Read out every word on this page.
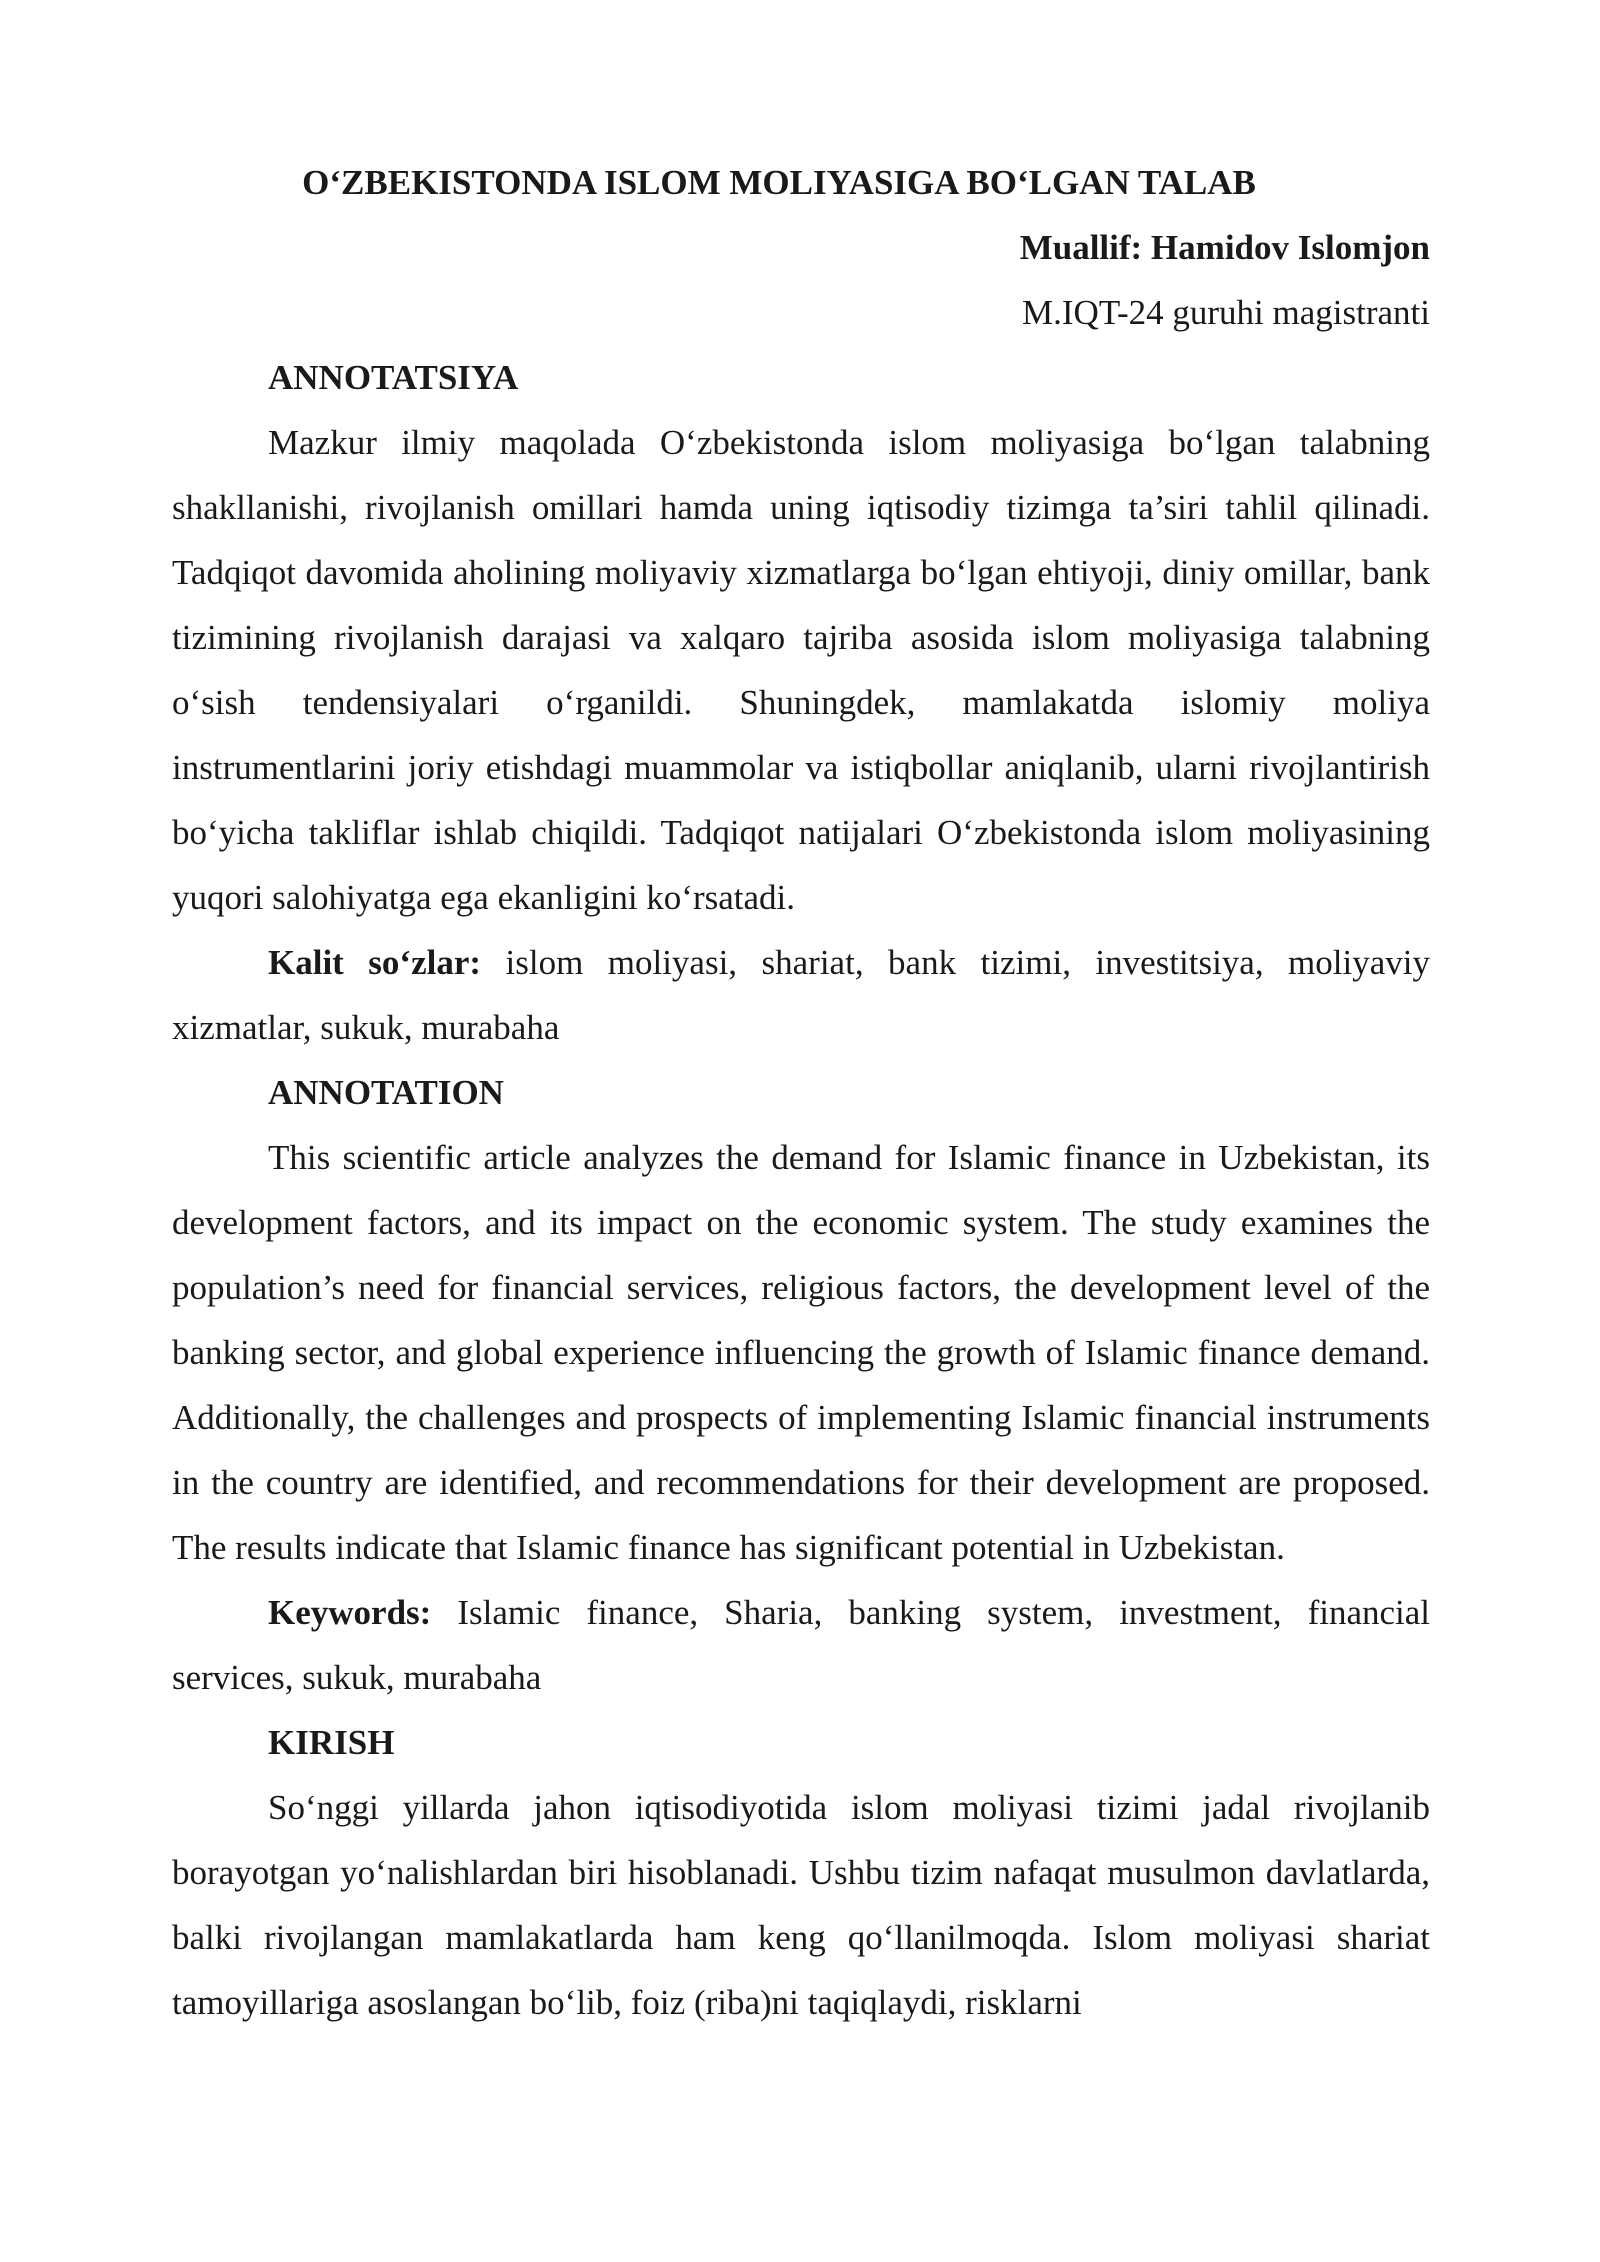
O‘ZBEKISTONDA ISLOM MOLIYASIGA BO‘LGAN TALAB

Muallif: Hamidov Islomjon

M.IQT-24 guruhi magistranti

ANNOTATSIYA

Mazkur ilmiy maqolada O‘zbekistonda islom moliyasiga bo‘lgan talabning shakllanishi, rivojlanish omillari hamda uning iqtisodiy tizimga ta’siri tahlil qilinadi. Tadqiqot davomida aholining moliyaviy xizmatlarga bo‘lgan ehtiyoji, diniy omillar, bank tizimining rivojlanish darajasi va xalqaro tajriba asosida islom moliyasiga talabning o‘sish tendensiyalari o‘rganildi. Shuningdek, mamlakatda islomiy moliya instrumentlarini joriy etishdagi muammolar va istiqbollar aniqlanib, ularni rivojlantirish bo‘yicha takliflar ishlab chiqildi. Tadqiqot natijalari O‘zbekistonda islom moliyasining yuqori salohiyatga ega ekanligini ko‘rsatadi.

Kalit so‘zlar: islom moliyasi, shariat, bank tizimi, investitsiya, moliyaviy xizmatlar, sukuk, murabaha

ANNOTATION

This scientific article analyzes the demand for Islamic finance in Uzbekistan, its development factors, and its impact on the economic system. The study examines the population’s need for financial services, religious factors, the development level of the banking sector, and global experience influencing the growth of Islamic finance demand. Additionally, the challenges and prospects of implementing Islamic financial instruments in the country are identified, and recommendations for their development are proposed. The results indicate that Islamic finance has significant potential in Uzbekistan.

Keywords: Islamic finance, Sharia, banking system, investment, financial services, sukuk, murabaha

KIRISH

So‘nggi yillarda jahon iqtisodiyotida islom moliyasi tizimi jadal rivojlanib borayotgan yo‘nalishlardan biri hisoblanadi. Ushbu tizim nafaqat musulmon davlatlarda, balki rivojlangan mamlakatlarda ham keng qo‘llanilmoqda. Islom moliyasi shariat tamoyillariga asoslangan bo‘lib, foiz (riba)ni taqiqlaydi, risklarni
